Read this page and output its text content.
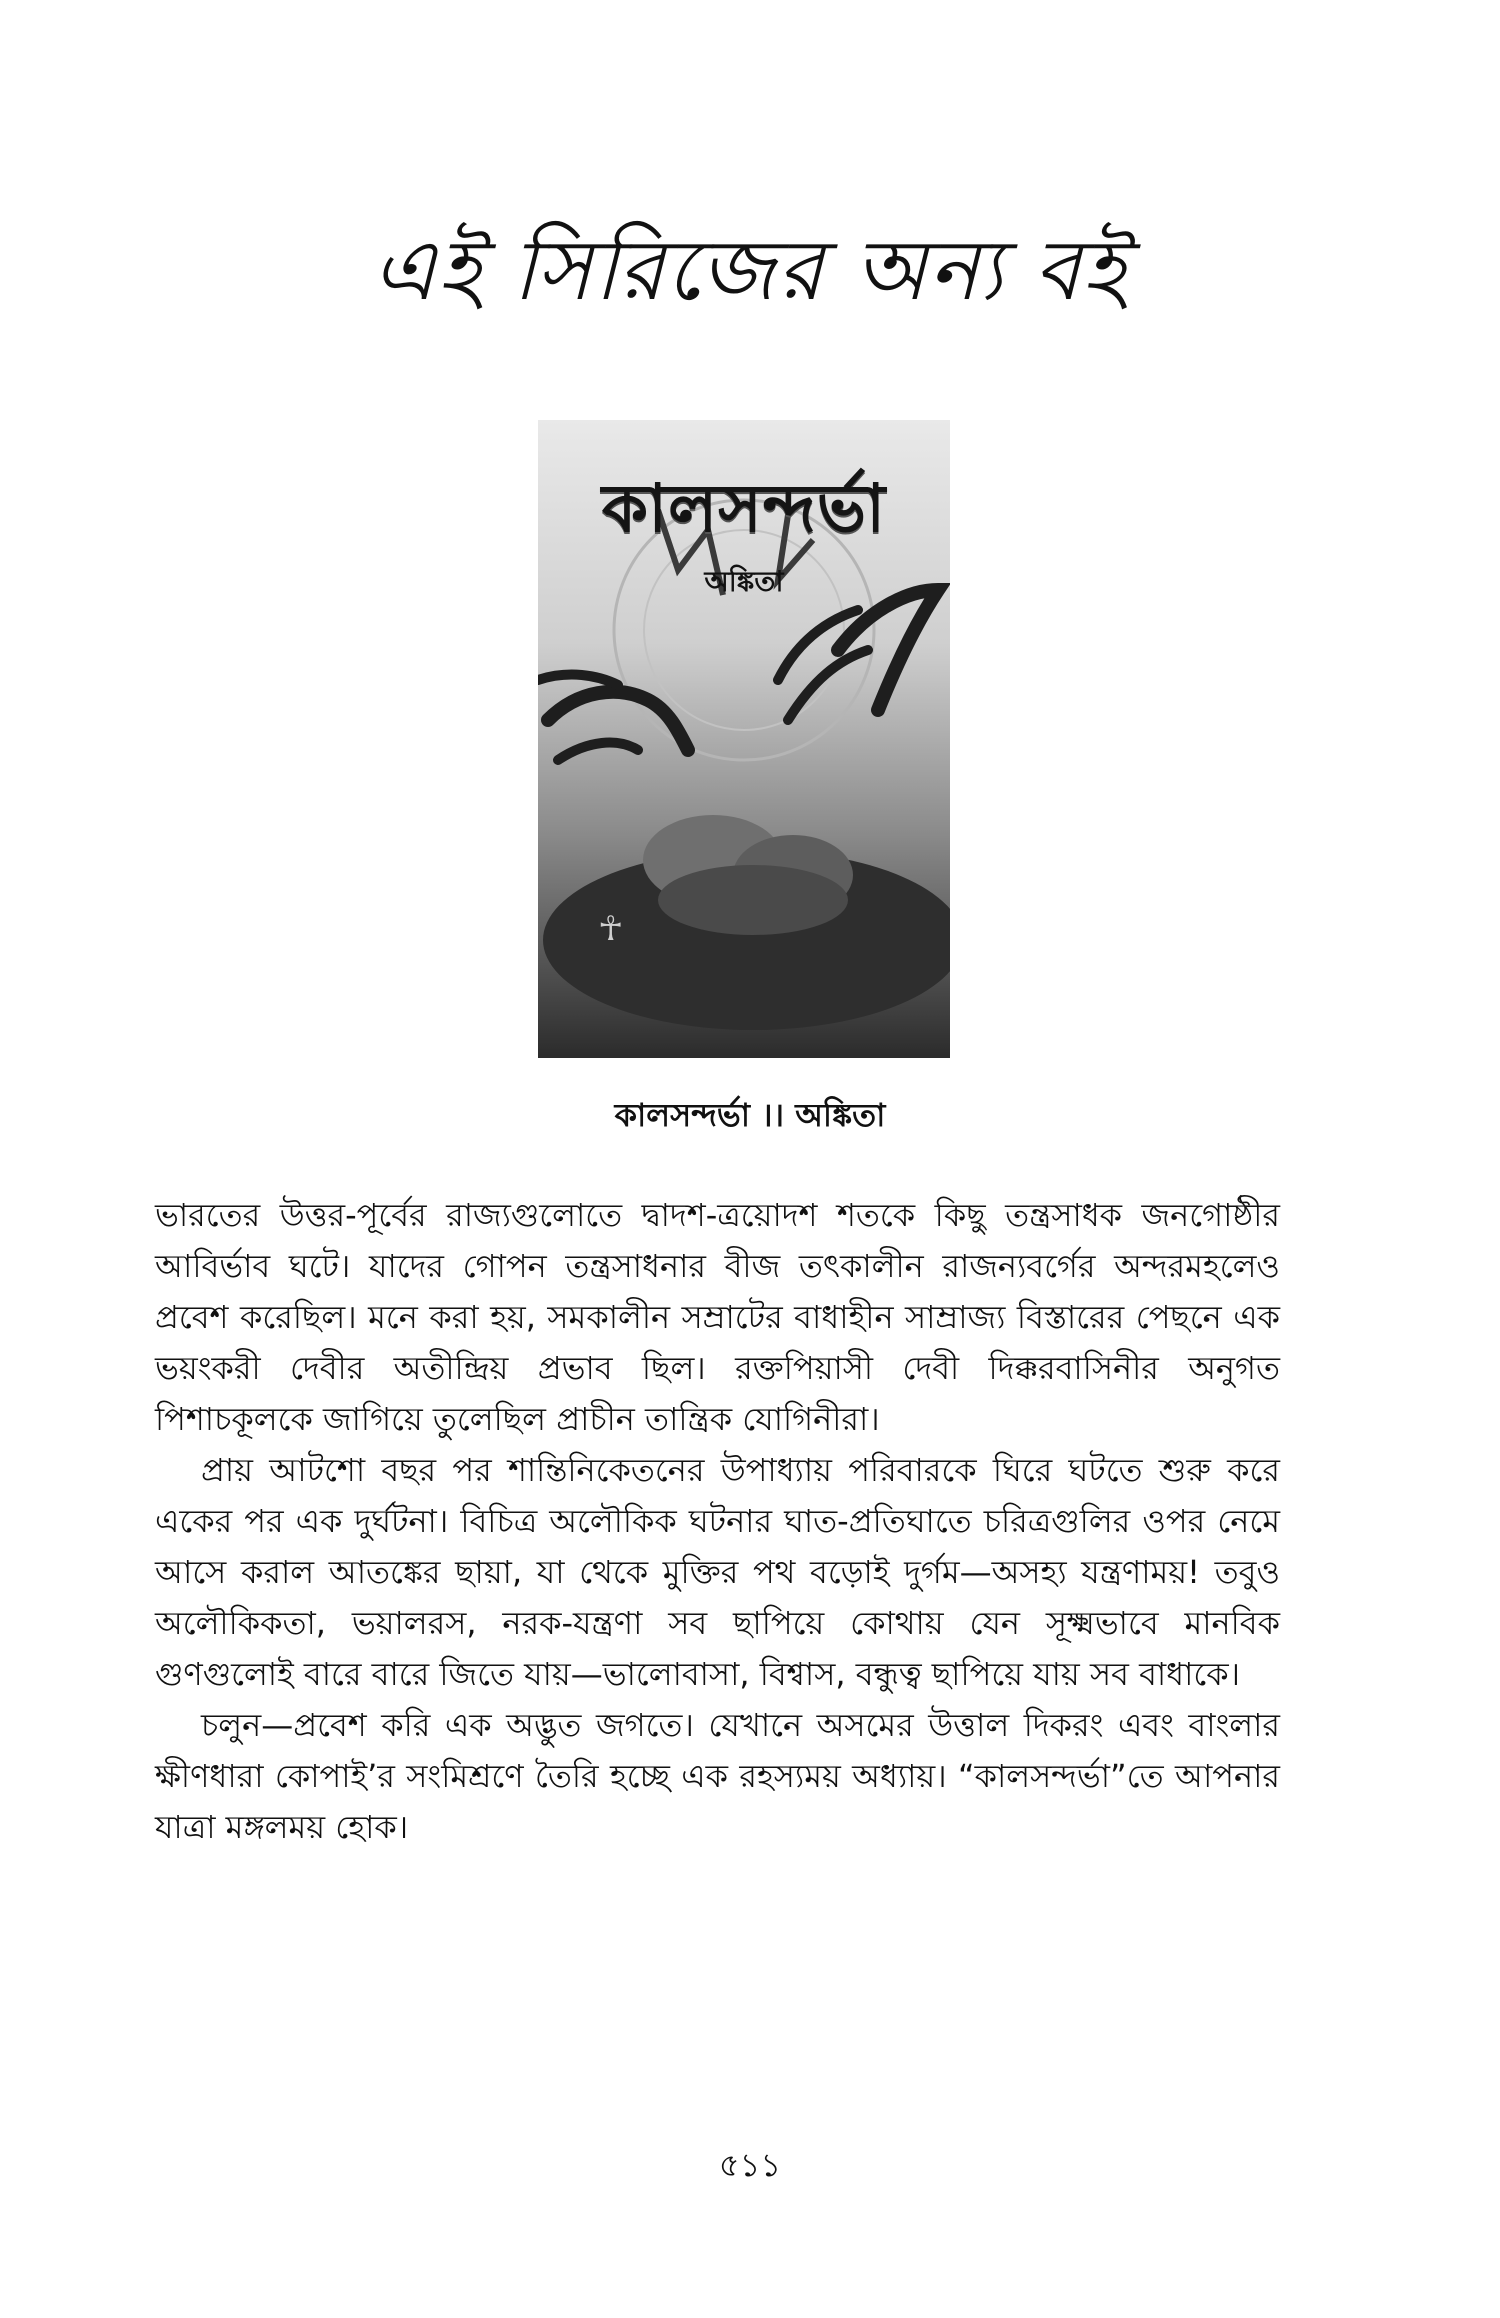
এই সিরিজের অন্য বই
☥
কালসন্দর্ভা
অঙ্কিতা
কালসন্দর্ভা ।। অঙ্কিতা

ভারতের উত্তর-পূর্বের রাজ্যগুলোতে দ্বাদশ-ত্রয়োদশ শতকে কিছু তন্ত্রসাধক জনগোষ্ঠীর আবির্ভাব ঘটে। যাদের গোপন তন্ত্রসাধনার বীজ তৎকালীন রাজন্যবর্গের অন্দরমহলেও প্রবেশ করেছিল। মনে করা হয়, সমকালীন সম্রাটের বাধাহীন সাম্রাজ্য বিস্তারের পেছনে এক ভয়ংকরী দেবীর অতীন্দ্রিয় প্রভাব ছিল। রক্তপিয়াসী দেবী দিক্করবাসিনীর অনুগত পিশাচকূলকে জাগিয়ে তুলেছিল প্রাচীন তান্ত্রিক যোগিনীরা।

প্রায় আটশো বছর পর শান্তিনিকেতনের উপাধ্যায় পরিবারকে ঘিরে ঘটতে শুরু করে একের পর এক দুর্ঘটনা। বিচিত্র অলৌকিক ঘটনার ঘাত-প্রতিঘাতে চরিত্রগুলির ওপর নেমে আসে করাল আতঙ্কের ছায়া, যা থেকে মুক্তির পথ বড়োই দুর্গম—অসহ্য যন্ত্রণাময়! তবুও অলৌকিকতা, ভয়ালরস, নরক-যন্ত্রণা সব ছাপিয়ে কোথায় যেন সূক্ষ্মভাবে মানবিক গুণগুলোই বারে বারে জিতে যায়—ভালোবাসা, বিশ্বাস, বন্ধুত্ব ছাপিয়ে যায় সব বাধাকে।

চলুন—প্রবেশ করি এক অদ্ভুত জগতে। যেখানে অসমের উত্তাল দিকরং এবং বাংলার ক্ষীণধারা কোপাই’র সংমিশ্রণে তৈরি হচ্ছে এক রহস্যময় অধ্যায়। “কালসন্দর্ভা”তে আপনার যাত্রা মঙ্গলময় হোক।

৫১১
